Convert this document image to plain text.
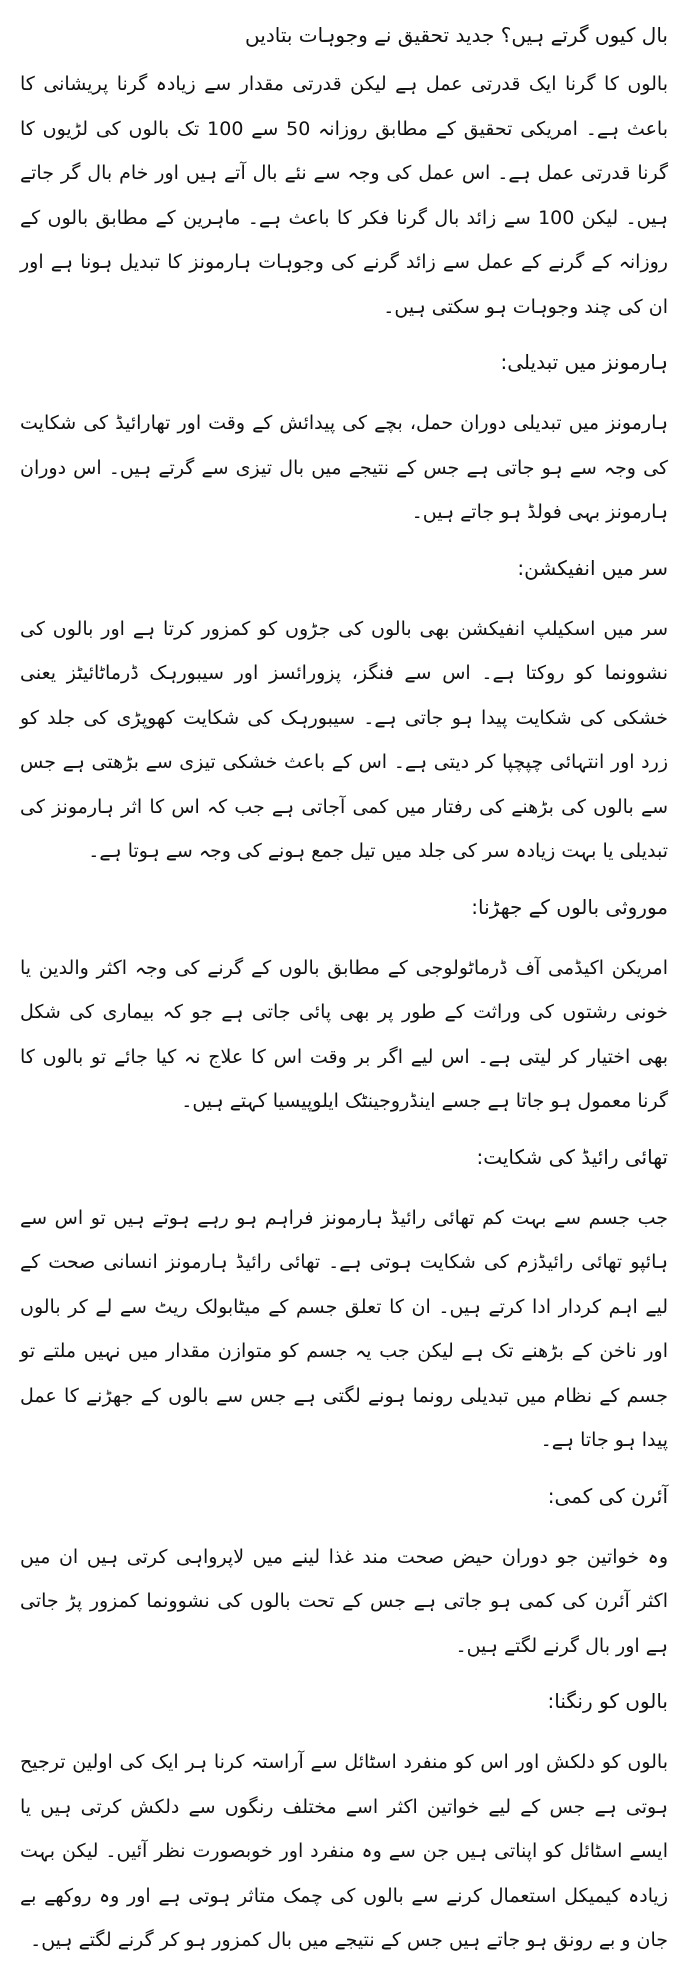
بال کیوں گرتے ہیں؟ جدید تحقیق نے وجوہات بتادیں

بالوں کا گرنا ایک قدرتی عمل ہے لیکن قدرتی مقدار سے زیادہ گرنا پریشانی کا باعث ہے۔ امریکی تحقیق کے مطابق روزانہ 50 سے 100 تک بالوں کی لڑیوں کا گرنا قدرتی عمل ہے۔ اس عمل کی وجہ سے نئے بال آتے ہیں اور خام بال گر جاتے ہیں۔ لیکن 100 سے زائد بال گرنا فکر کا باعث ہے۔ ماہرین کے مطابق بالوں کے روزانہ کے گرنے کے عمل سے زائد گرنے کی وجوہات ہارمونز کا تبدیل ہونا ہے اور ان کی چند وجوہات ہو سکتی ہیں۔

ہارمونز میں تبدیلی:

ہارمونز میں تبدیلی دوران حمل، بچے کی پیدائش کے وقت اور تھارائیڈ کی شکایت کی وجہ سے ہو جاتی ہے جس کے نتیجے میں بال تیزی سے گرتے ہیں۔ اس دوران ہارمونز بہی فولڈ ہو جاتے ہیں۔

سر میں انفیکشن:

سر میں اسکیلپ انفیکشن بھی بالوں کی جڑوں کو کمزور کرتا ہے اور بالوں کی نشوونما کو روکتا ہے۔ اس سے فنگز، پزورائسز اور سیبورہک ڈرماٹائیٹز یعنی خشکی کی شکایت پیدا ہو جاتی ہے۔ سیبورہک کی شکایت کھوپڑی کی جلد کو زرد اور انتہائی چپچپا کر دیتی ہے۔ اس کے باعث خشکی تیزی سے بڑھتی ہے جس سے بالوں کی بڑھنے کی رفتار میں کمی آجاتی ہے جب کہ اس کا اثر ہارمونز کی تبدیلی یا بہت زیادہ سر کی جلد میں تیل جمع ہونے کی وجہ سے ہوتا ہے۔

موروثی بالوں کے جھڑنا:

امریکن اکیڈمی آف ڈرماٹولوجی کے مطابق بالوں کے گرنے کی وجہ اکثر والدین یا خونی رشتوں کی وراثت کے طور پر بھی پائی جاتی ہے جو کہ بیماری کی شکل بھی اختیار کر لیتی ہے۔ اس لیے اگر بر وقت اس کا علاج نہ کیا جائے تو بالوں کا گرنا معمول ہو جاتا ہے جسے اینڈروجینٹک ایلوپیسیا کہتے ہیں۔

تھائی رائیڈ کی شکایت:

جب جسم سے بہت کم تھائی رائیڈ ہارمونز فراہم ہو رہے ہوتے ہیں تو اس سے ہائپو تھائی رائیڈزم کی شکایت ہوتی ہے۔ تھائی رائیڈ ہارمونز انسانی صحت کے لیے اہم کردار ادا کرتے ہیں۔ ان کا تعلق جسم کے میٹابولک ریٹ سے لے کر بالوں اور ناخن کے بڑھنے تک ہے لیکن جب یہ جسم کو متوازن مقدار میں نہیں ملتے تو جسم کے نظام میں تبدیلی رونما ہونے لگتی ہے جس سے بالوں کے جھڑنے کا عمل پیدا ہو جاتا ہے۔

آئرن کی کمی:

وہ خواتین جو دوران حیض صحت مند غذا لینے میں لاپرواہی کرتی ہیں ان میں اکثر آئرن کی کمی ہو جاتی ہے جس کے تحت بالوں کی نشوونما کمزور پڑ جاتی ہے اور بال گرنے لگتے ہیں۔

بالوں کو رنگنا:

بالوں کو دلکش اور اس کو منفرد اسٹائل سے آراستہ کرنا ہر ایک کی اولین ترجیح ہوتی ہے جس کے لیے خواتین اکثر اسے مختلف رنگوں سے دلکش کرتی ہیں یا ایسے اسٹائل کو اپناتی ہیں جن سے وہ منفرد اور خوبصورت نظر آئیں۔ لیکن بہت زیادہ کیمیکل استعمال کرنے سے بالوں کی چمک متاثر ہوتی ہے اور وہ روکھے بے جان و بے رونق ہو جاتے ہیں جس کے نتیجے میں بال کمزور ہو کر گرنے لگتے ہیں۔
